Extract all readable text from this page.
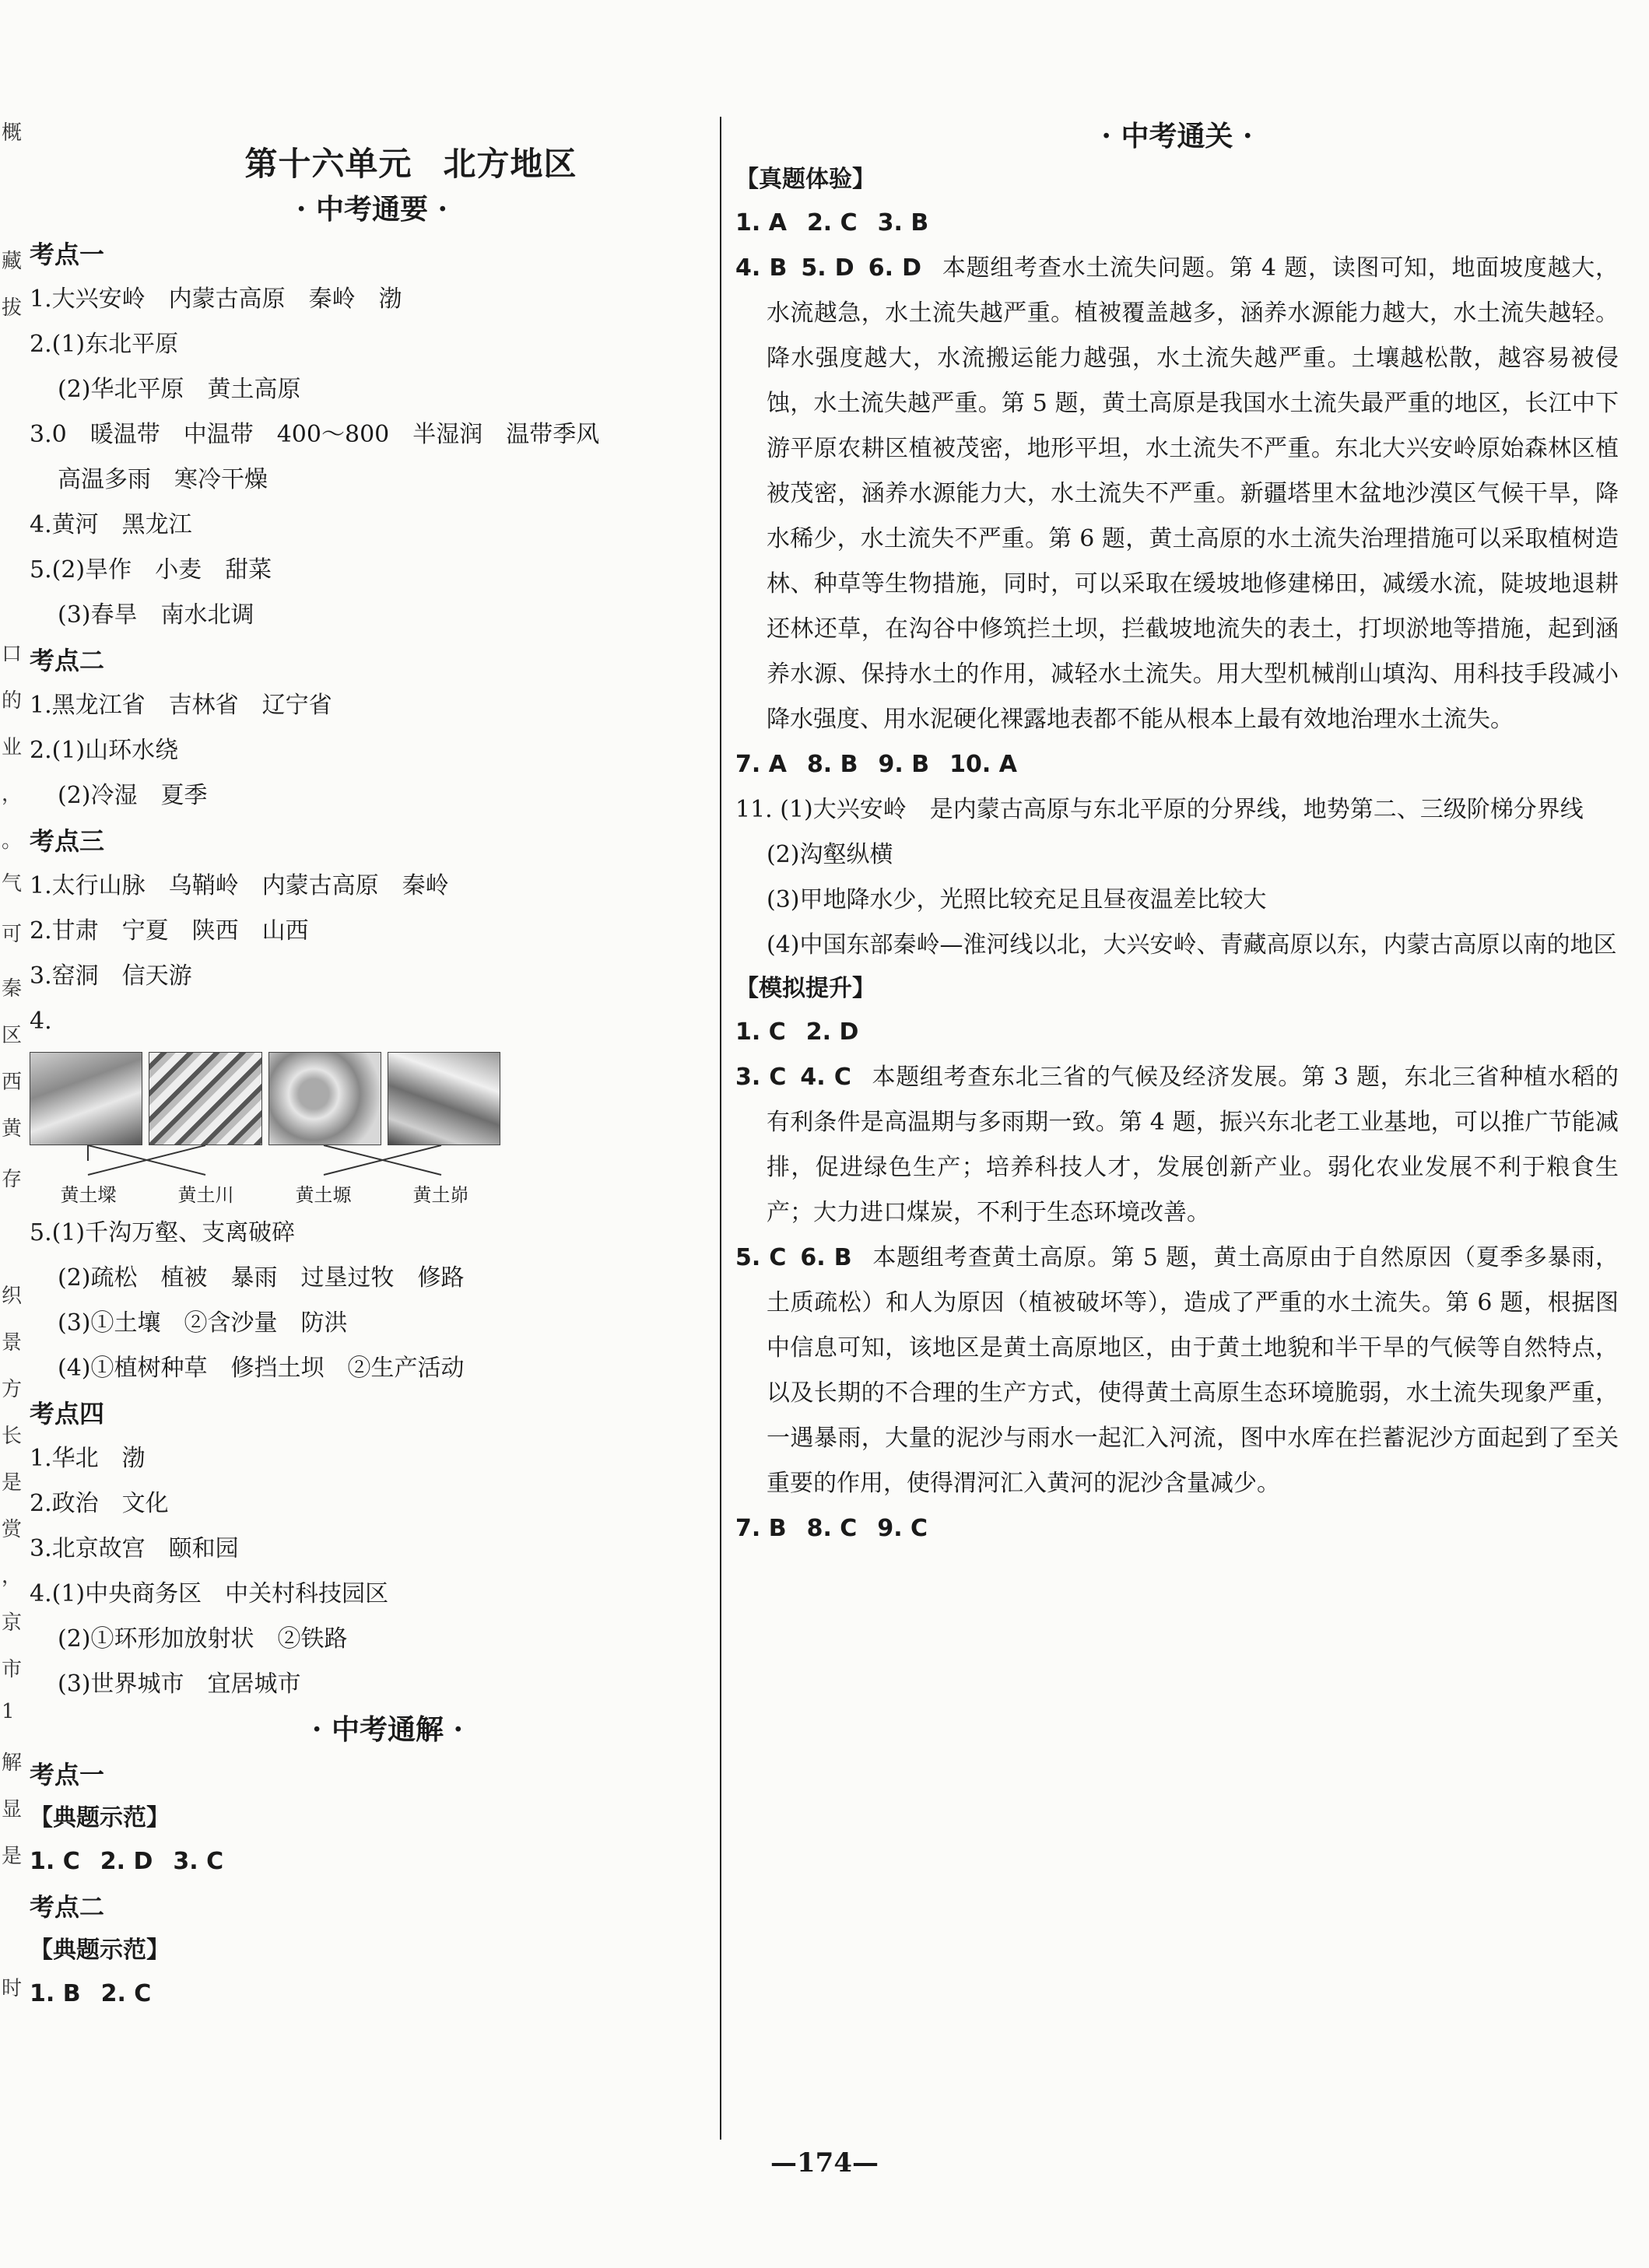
概
藏
拔
口
的
业
，
。
气
可
秦
区
西
黄
存
织
景
方
长
是
赏
，
京
市
1
解
显
是
时
第十六单元 北方地区
· 中考通要 ·
考点一
1.大兴安岭 内蒙古高原 秦岭 渤
2.(1)东北平原
(2)华北平原 黄土高原
3.0 暖温带 中温带 400～800 半湿润 温带季风
高温多雨 寒冷干燥
4.黄河 黑龙江
5.(2)旱作 小麦 甜菜
(3)春旱 南水北调
考点二
1.黑龙江省 吉林省 辽宁省
2.(1)山环水绕
(2)冷湿 夏季
考点三
1.太行山脉 乌鞘岭 内蒙古高原 秦岭
2.甘肃 宁夏 陕西 山西
3.窑洞 信天游
4.
黄土墚	黄土川	黄土塬	黄土峁
5.(1)千沟万壑、支离破碎
(2)疏松 植被 暴雨 过垦过牧 修路
(3)①土壤 ②含沙量 防洪
(4)①植树种草 修挡土坝 ②生产活动
考点四
1.华北 渤
2.政治 文化
3.北京故宫 颐和园
4.(1)中央商务区 中关村科技园区
(2)①环形加放射状 ②铁路
(3)世界城市 宜居城市
· 中考通解 ·
考点一
【典题示范】
1. C 2. D 3. C
考点二
【典题示范】
1. B 2. C
· 中考通关 ·
【真题体验】
1. A 2. C 3. B
4. B 5. D 6. D 本题组考查水土流失问题。第 4 题，读图可知，地面坡度越大，水流越急，水土流失越严重。植被覆盖越多，涵养水源能力越大，水土流失越轻。降水强度越大，水流搬运能力越强，水土流失越严重。土壤越松散，越容易被侵蚀，水土流失越严重。第 5 题，黄土高原是我国水土流失最严重的地区，长江中下游平原农耕区植被茂密，地形平坦，水土流失不严重。东北大兴安岭原始森林区植被茂密，涵养水源能力大，水土流失不严重。新疆塔里木盆地沙漠区气候干旱，降水稀少，水土流失不严重。第 6 题，黄土高原的水土流失治理措施可以采取植树造林、种草等生物措施，同时，可以采取在缓坡地修建梯田，减缓水流，陡坡地退耕还林还草，在沟谷中修筑拦土坝，拦截坡地流失的表土，打坝淤地等措施，起到涵养水源、保持水土的作用，减轻水土流失。用大型机械削山填沟、用科技手段减小降水强度、用水泥硬化裸露地表都不能从根本上最有效地治理水土流失。
7. A 8. B 9. B 10. A
11. (1)大兴安岭　是内蒙古高原与东北平原的分界线，地势第二、三级阶梯分界线
(2)沟壑纵横
(3)甲地降水少，光照比较充足且昼夜温差比较大
(4)中国东部秦岭—淮河线以北，大兴安岭、青藏高原以东，内蒙古高原以南的地区
【模拟提升】
1. C 2. D
3. C 4. C 本题组考查东北三省的气候及经济发展。第 3 题，东北三省种植水稻的有利条件是高温期与多雨期一致。第 4 题，振兴东北老工业基地，可以推广节能减排，促进绿色生产；培养科技人才，发展创新产业。弱化农业发展不利于粮食生产；大力进口煤炭，不利于生态环境改善。
5. C 6. B 本题组考查黄土高原。第 5 题，黄土高原由于自然原因（夏季多暴雨，土质疏松）和人为原因（植被破坏等），造成了严重的水土流失。第 6 题，根据图中信息可知，该地区是黄土高原地区，由于黄土地貌和半干旱的气候等自然特点，以及长期的不合理的生产方式，使得黄土高原生态环境脆弱，水土流失现象严重，一遇暴雨，大量的泥沙与雨水一起汇入河流，图中水库在拦蓄泥沙方面起到了至关重要的作用，使得渭河汇入黄河的泥沙含量减少。
7. B 8. C 9. C
—174—
